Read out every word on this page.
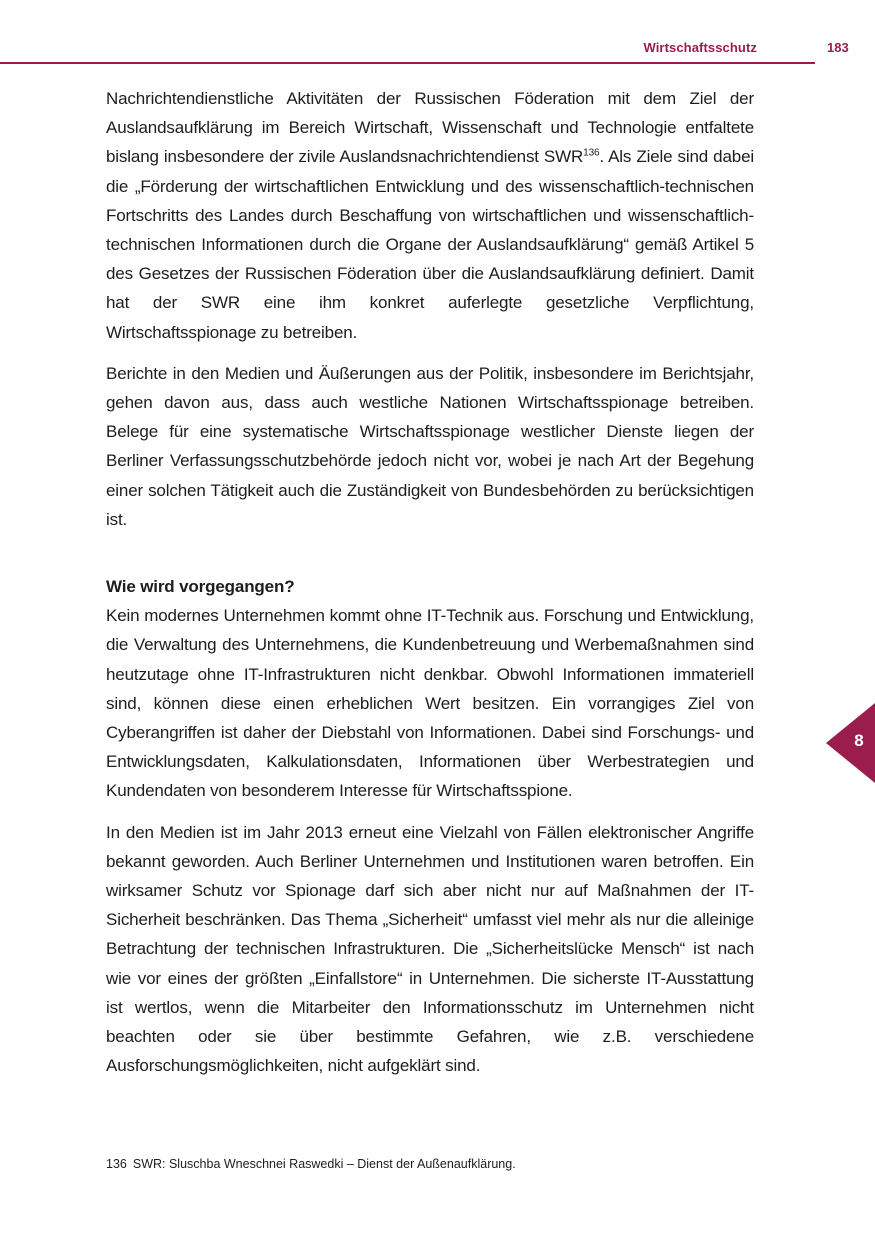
Wirtschaftsschutz	183

Nachrichtendienstliche Aktivitäten der Russischen Föderation mit dem Ziel der Auslandsaufklärung im Bereich Wirtschaft, Wissenschaft und Technologie entfaltete bislang insbesondere der zivile Auslandsnachrichtendienst SWR$^{136}$. Als Ziele sind dabei die „Förderung der wirtschaftlichen Entwicklung und des wissenschaftlich-technischen Fortschritts des Landes durch Beschaffung von wirtschaftlichen und wissenschaftlich-technischen Informationen durch die Organe der Auslandsaufklärung“ gemäß Artikel 5 des Gesetzes der Russischen Föderation über die Auslandsaufklärung definiert. Damit hat der SWR eine ihm konkret auferlegte gesetzliche Verpflichtung, Wirtschaftsspionage zu betreiben.

Berichte in den Medien und Äußerungen aus der Politik, insbesondere im Berichtsjahr, gehen davon aus, dass auch westliche Nationen Wirtschaftsspionage betreiben. Belege für eine systematische Wirtschaftsspionage westlicher Dienste liegen der Berliner Verfassungsschutzbehörde jedoch nicht vor, wobei je nach Art der Begehung einer solchen Tätigkeit auch die Zuständigkeit von Bundesbehörden zu berücksichtigen ist.

Wie wird vorgegangen?

Kein modernes Unternehmen kommt ohne IT-Technik aus. Forschung und Entwicklung, die Verwaltung des Unternehmens, die Kundenbetreuung und Werbemaßnahmen sind heutzutage ohne IT-Infrastrukturen nicht denkbar. Obwohl Informationen immateriell sind, können diese einen erheblichen Wert besitzen. Ein vorrangiges Ziel von Cyberangriffen ist daher der Diebstahl von Informationen. Dabei sind Forschungs- und Entwicklungsdaten, Kalkulationsdaten, Informationen über Werbestrategien und Kundendaten von besonderem Interesse für Wirtschaftsspione.

In den Medien ist im Jahr 2013 erneut eine Vielzahl von Fällen elektronischer Angriffe bekannt geworden. Auch Berliner Unternehmen und Institutionen waren betroffen. Ein wirksamer Schutz vor Spionage darf sich aber nicht nur auf Maßnahmen der IT-Sicherheit beschränken. Das Thema „Sicherheit“ umfasst viel mehr als nur die alleinige Betrachtung der technischen Infrastrukturen. Die „Sicherheitslücke Mensch“ ist nach wie vor eines der größten „Einfallstore“ in Unternehmen. Die sicherste IT-Ausstattung ist wertlos, wenn die Mitarbeiter den Informationsschutz im Unternehmen nicht beachten oder sie über bestimmte Gefahren, wie z.B. verschiedene Ausforschungsmöglichkeiten, nicht aufgeklärt sind.

8
136 SWR: Sluschba Wneschnei Raswedki – Dienst der Außenaufklärung.
